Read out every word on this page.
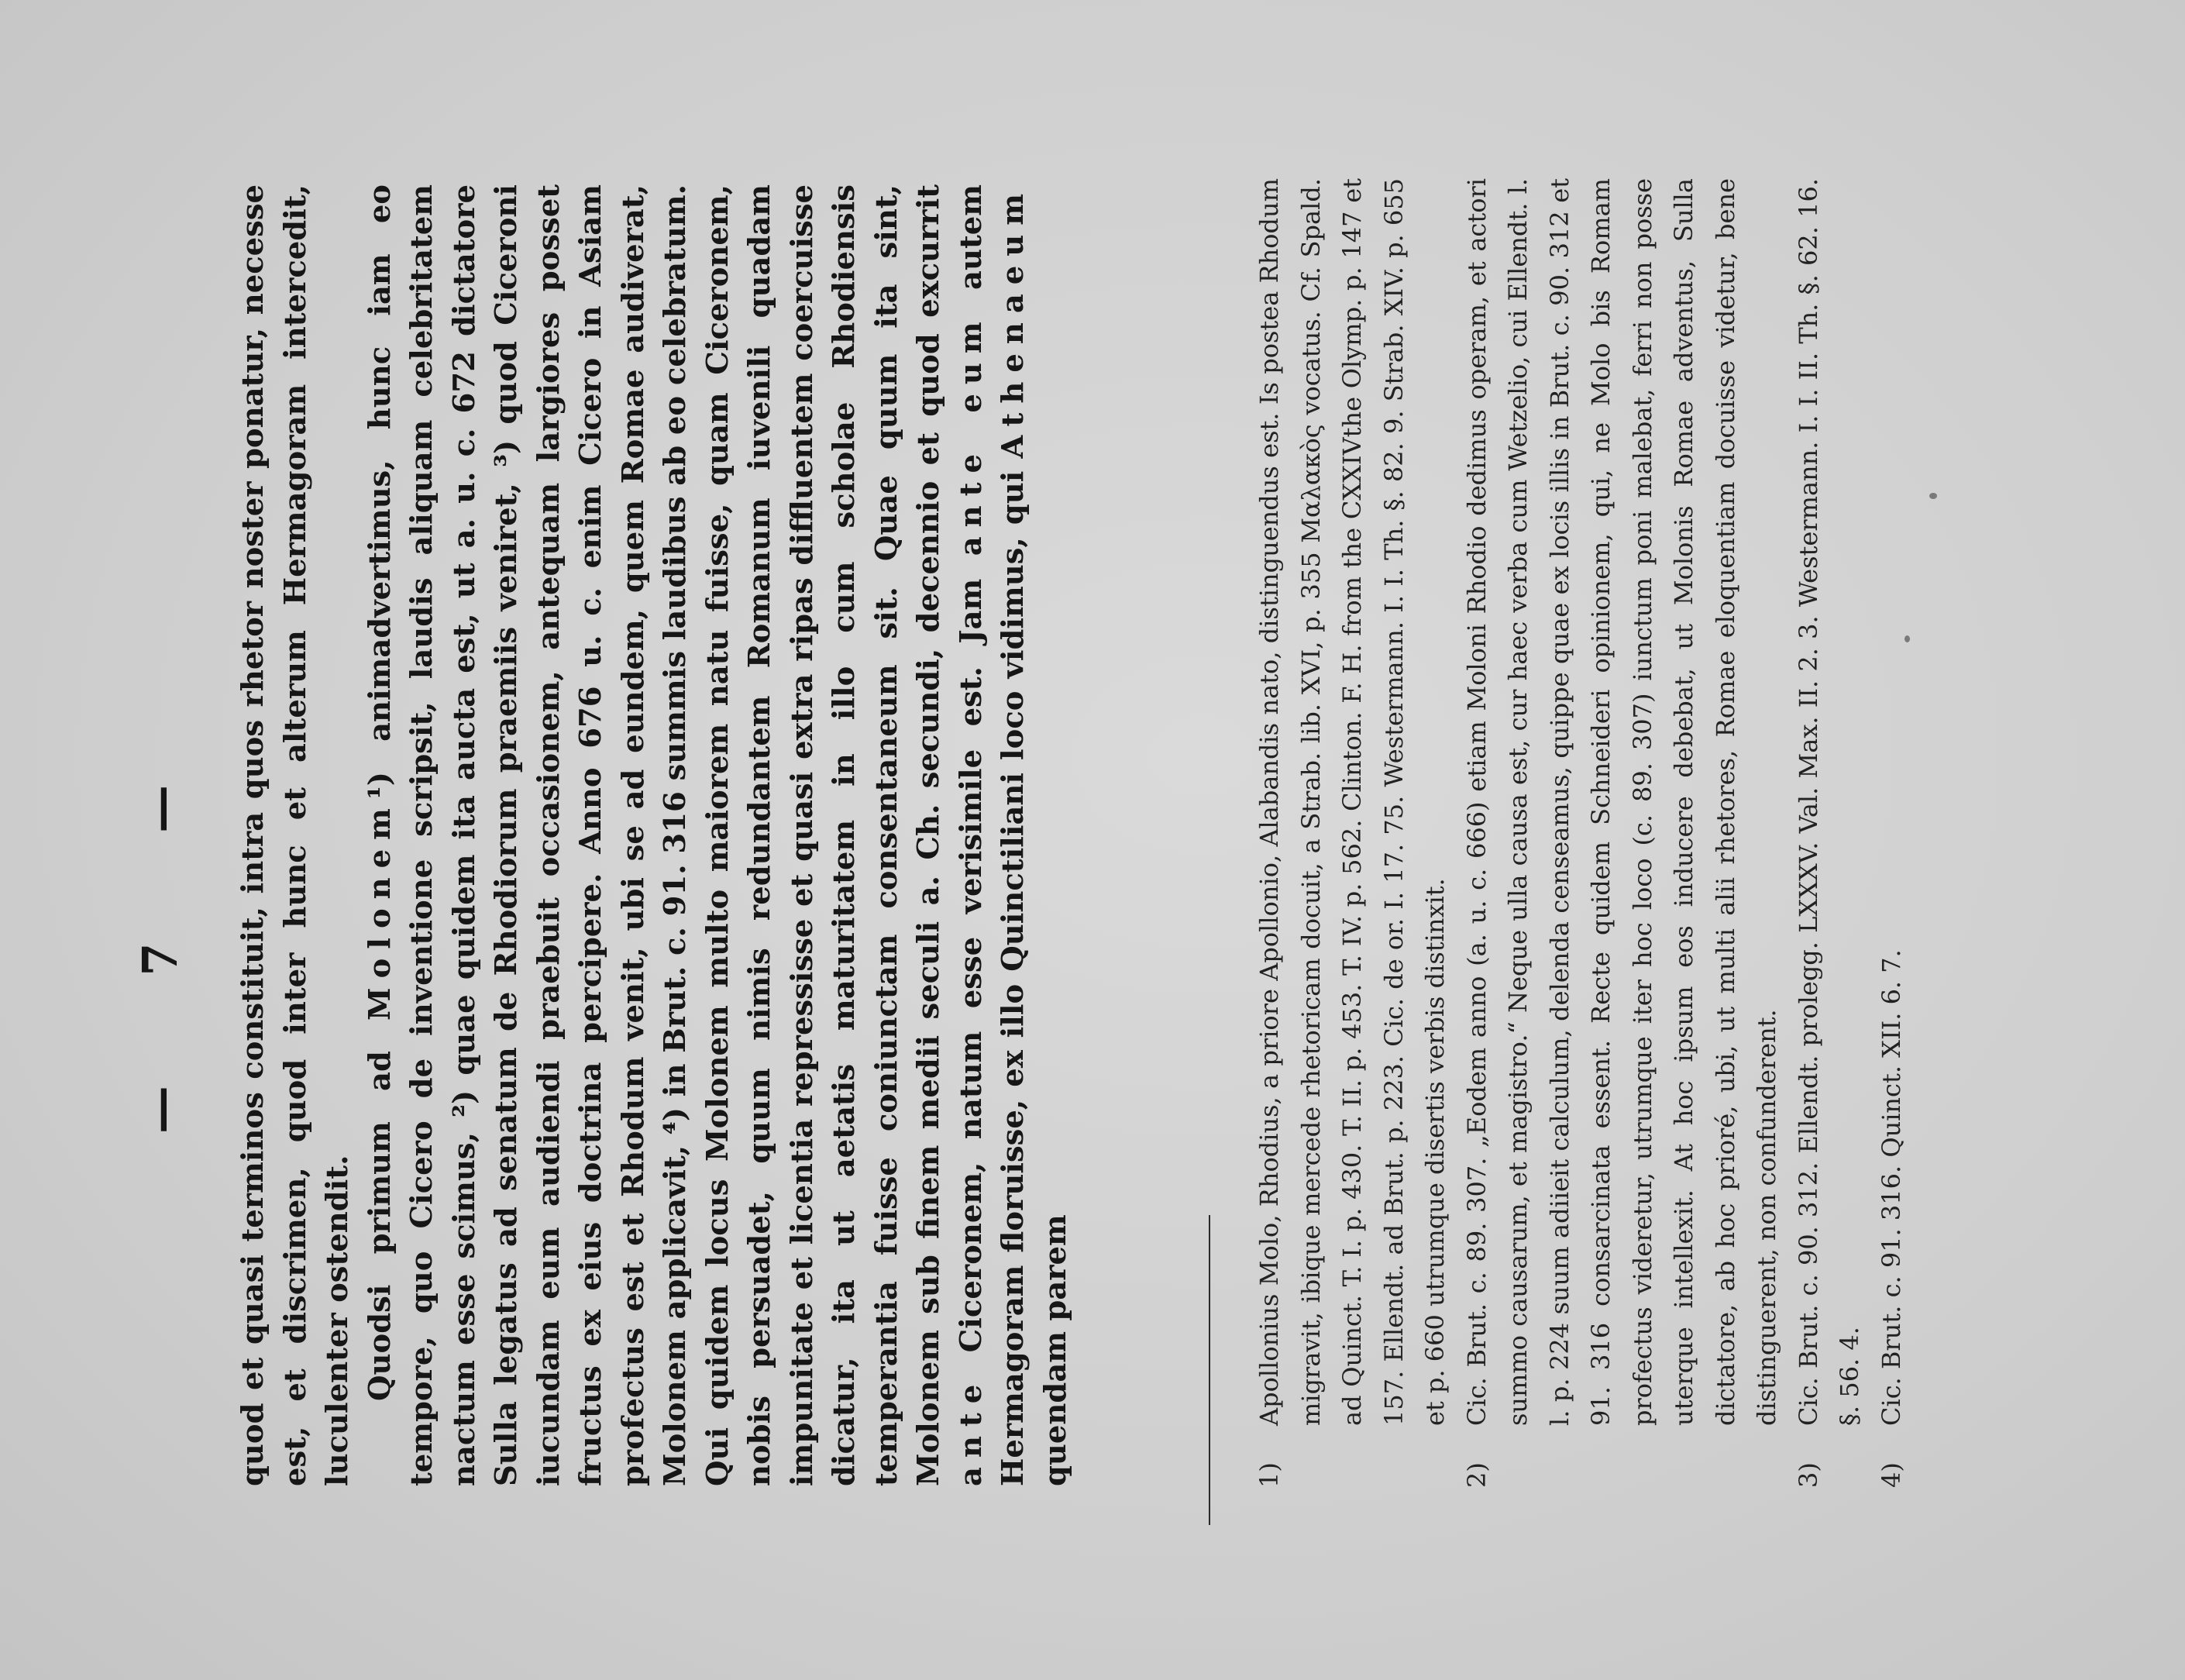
— 7 — quod et quasi terminos constituit, intra quos rhetor noster ponatur, necesse est, et discrimen, quod inter hunc et alterum Hermagoram intercedit, luculenter ostendit. Quodsi primum ad Molonem¹) animadvertimus, hunc iam eo tempore, quo Cicero de inventione scripsit, laudis aliquam celebritatem nactum esse scimus, ²) quae quidem ita aucta est, ut a. u. c. 672 dictatore Sulla legatus ad senatum de Rhodiorum praemiis veniret, ³) quod Ciceroni iucundam eum audiendi praebuit occasionem, antequam largiores posset fructus ex eius doctrina percipere. Anno 676 u. c. enim Cicero in Asiam profectus est et Rhodum venit, ubi se ad eundem, quem Romae audiverat, Molonem applicavit, ⁴) in Brut. c. 91. 316 summis laudibus ab eo celebratum. Qui quidem locus Molonem multo maiorem natu fuisse, quam Ciceronem, nobis persuadet, quum nimis redundantem Romanum iuvenili quadam impunitate et licentia repressisse et quasi extra ripas diffluentem coercuisse dicatur, ita ut aetatis maturitatem in illo cum scholae Rhodiensis temperantia fuisse coniunctam consentaneum sit. Quae quum ita sint, Molonem sub finem medii seculi a. Ch. secundi, decennio et quod excurrit ante Ciceronem, natum esse verisimile est. Jam ante eum autem Hermagoram floruisse, ex illo Quinctiliani loco vidimus, qui Athenaeum quendam parem	1)
Apollonius Molo, Rhodius, a priore Apollonio, Alabandis nato, distinguendus est. Is postea Rhodum migravit, ibique mercede rhetoricam docuit, a Strab. lib. XVI, p. 355 Μαλακὸς vocatus. Cf. Spald. ad Quinct. T. I. p. 430. T. II. p. 453. T. IV. p. 562. Clinton. F. H. from the CXXIVthe Olymp. p. 147 et 157. Ellendt. ad Brut. p. 223. Cic. de or. I. 17. 75. Westermann. I. I. Th. §. 82. 9. Strab. XIV. p. 655 et p. 660 utrumque disertis verbis distinxit.

2)
Cic. Brut. c. 89. 307. „Eodem anno (a. u. c. 666) etiam Moloni Rhodio dedimus operam, et actori summo causarum, et magistro.“ Neque ulla causa est, cur haec verba cum Wetzelio, cui Ellendt. l. l. p. 224 suum adiieit calculum, delenda censeamus, quippe quae ex locis illis in Brut. c. 90. 312 et 91. 316 consarcinata essent. Recte quidem Schneideri opinionem, qui, ne Molo bis Romam profectus videretur, utrumque iter hoc loco (c. 89. 307) iunctum poni malebat, ferri non posse uterque intellexit. At hoc ipsum eos inducere debebat, ut Molonis Romae adventus, Sulla dictatore, ab hoc prioré, ubi, ut multi alii rhetores, Romae eloquentiam docuisse videtur, bene distinguerent, non confunderent.

3)
Cic. Brut. c. 90. 312. Ellendt. prolegg. LXXXV. Val. Max. II. 2. 3. Westermann. I. I. II. Th. §. 62. 16. §. 56. 4.

4)
Cic. Brut. c. 91. 316. Quinct. XII. 6. 7.
